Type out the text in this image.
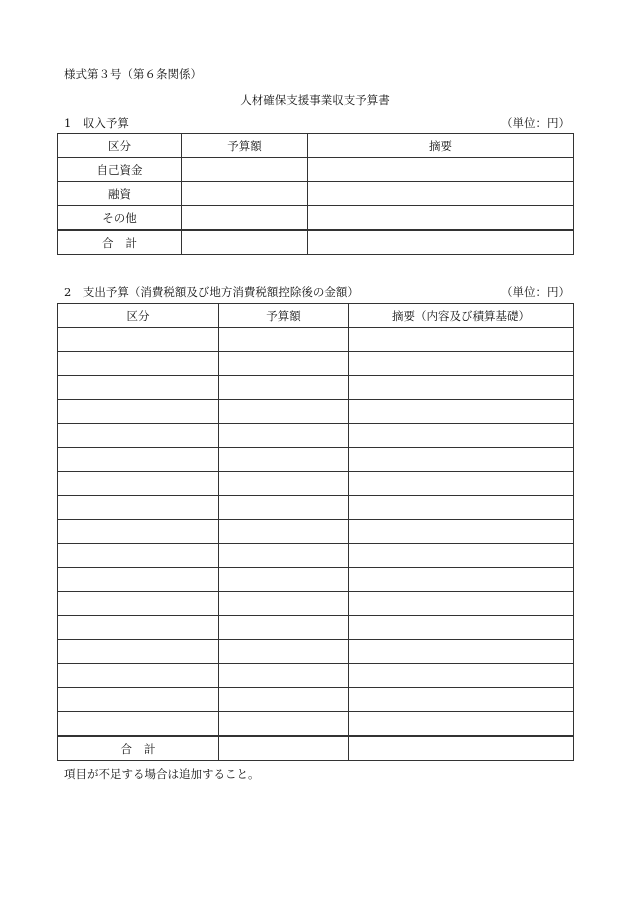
様式第３号（第６条関係）
人材確保支援事業収支予算書
1　収入予算	（単位：円）
区分	予算額	摘要
自己資金		
融資		
その他		
合計		
2　支出予算（消費税額及び地方消費税額控除後の金額）	（単位：円）
区分	予算額	摘要（内容及び積算基礎）

合計		
項目が不足する場合は追加すること。
